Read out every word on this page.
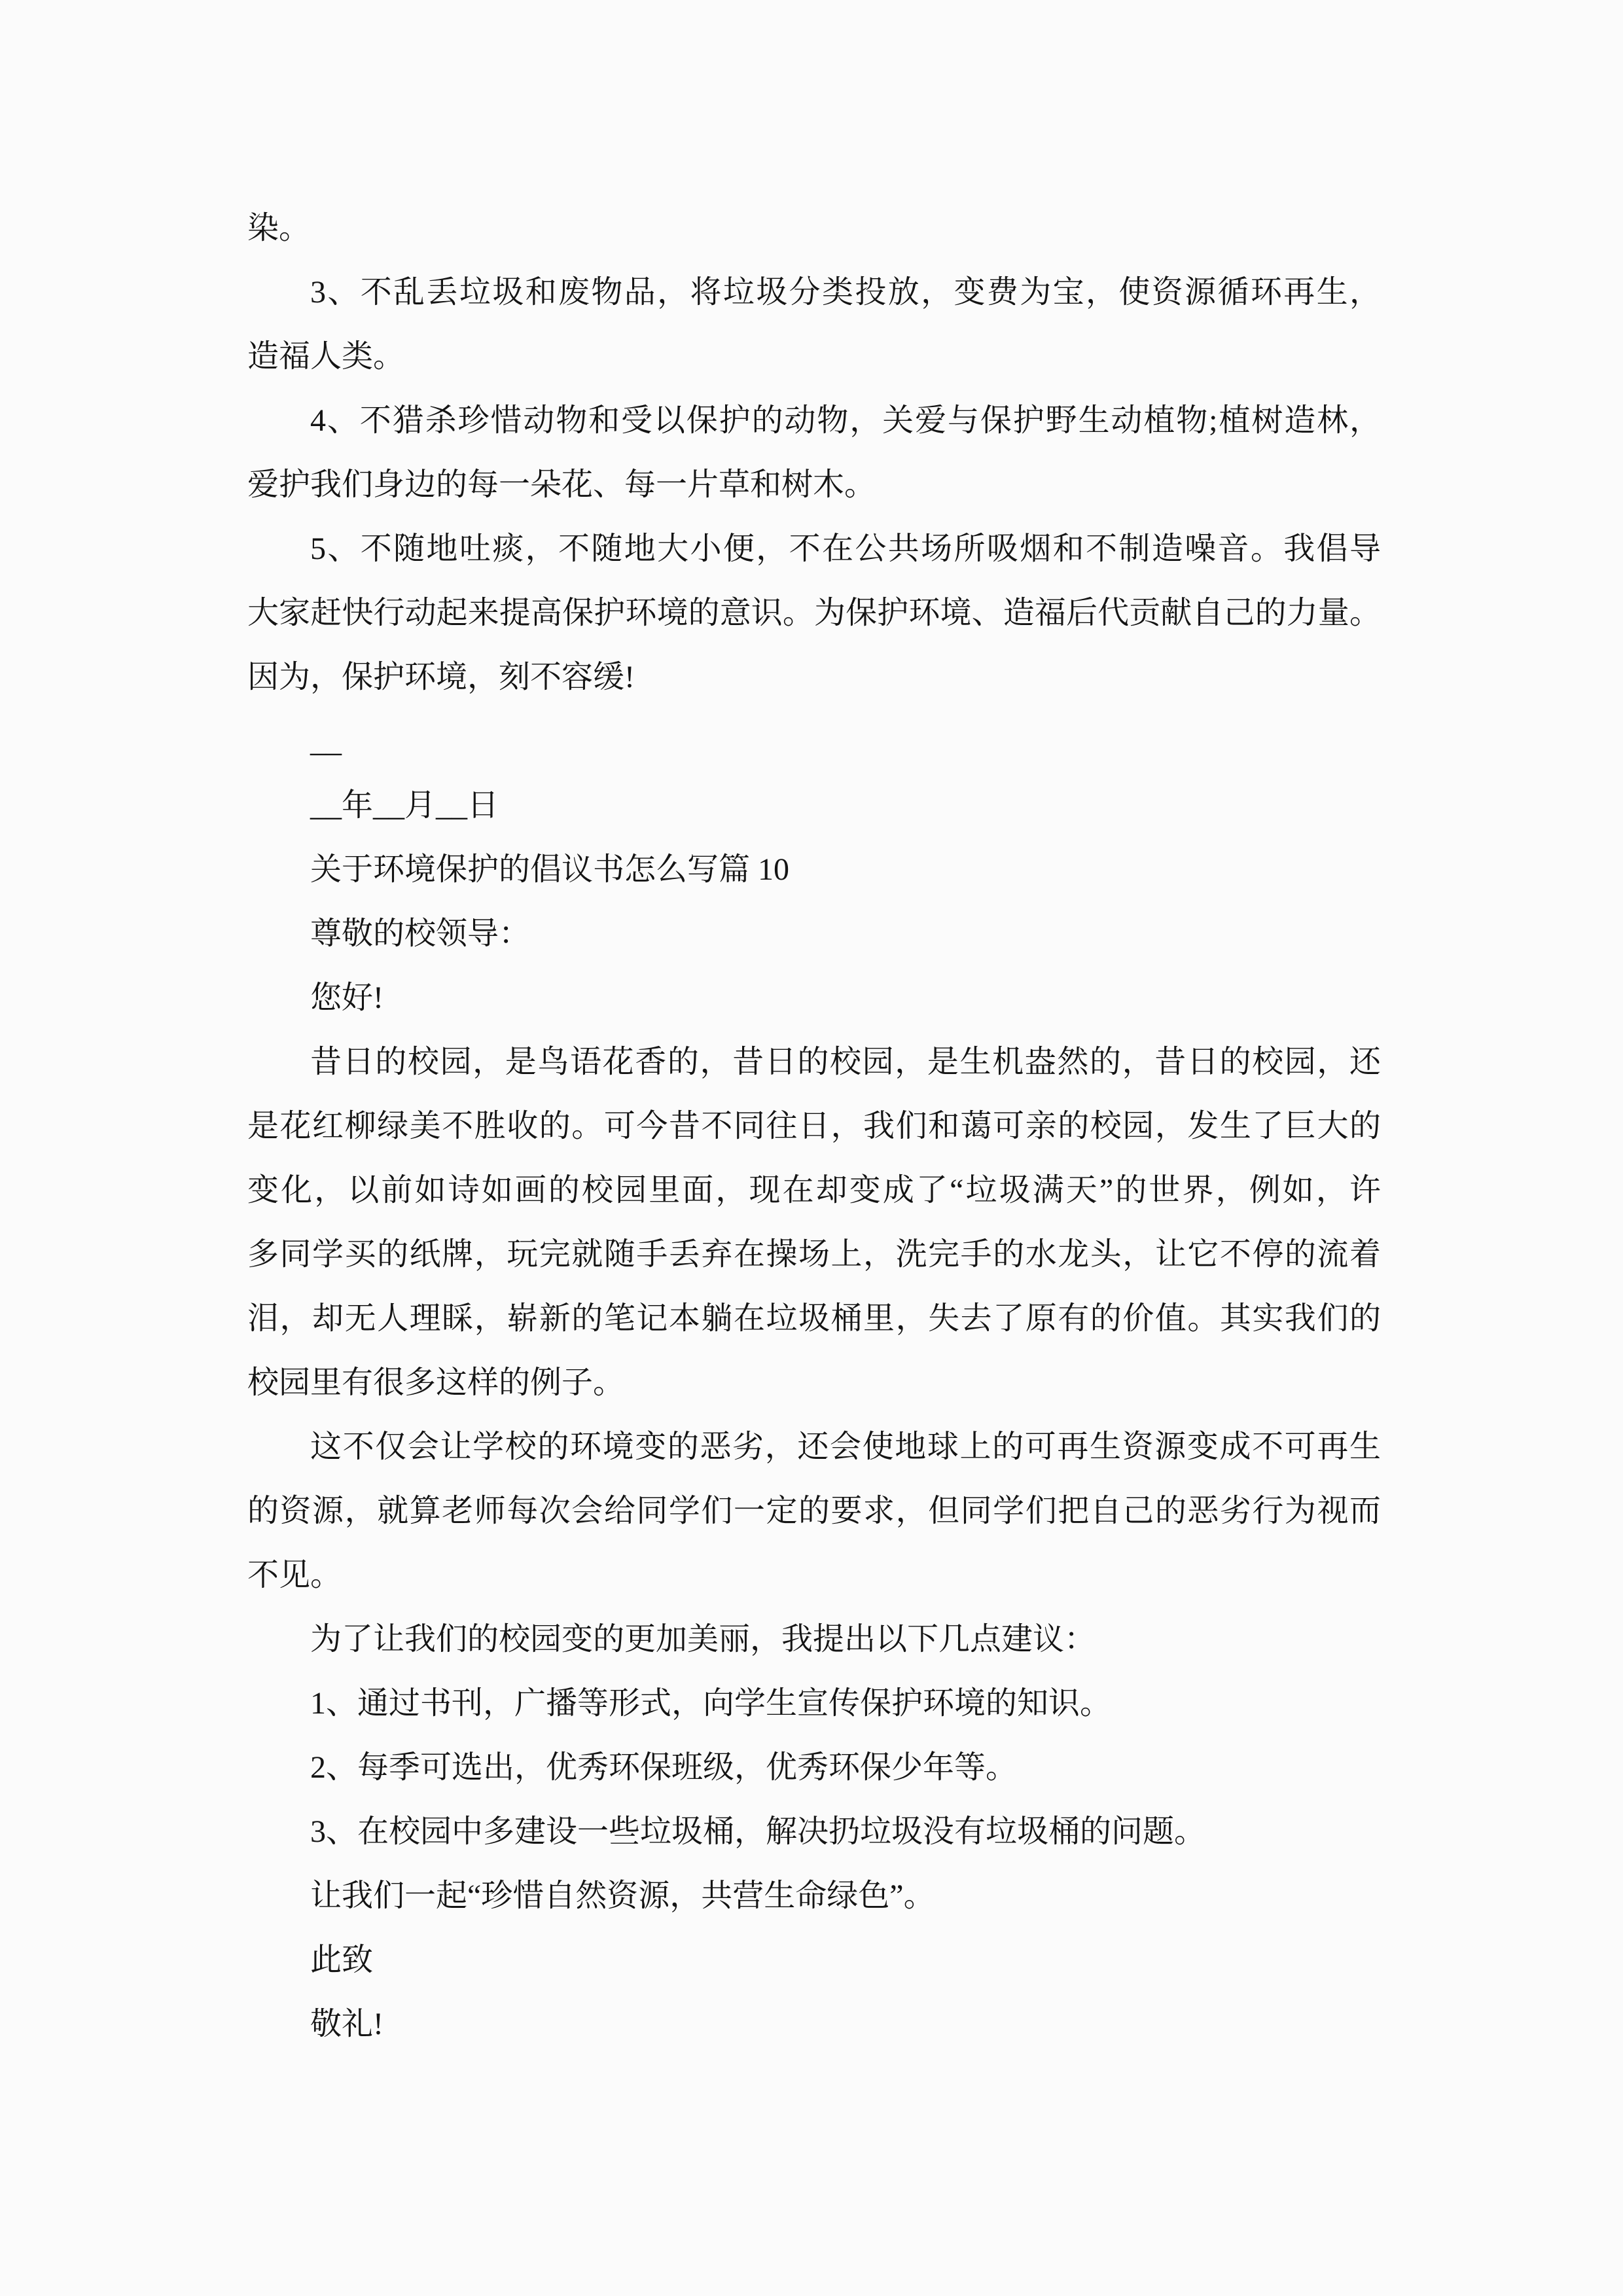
染。
3、不乱丢垃圾和废物品，将垃圾分类投放，变费为宝，使资源循环再生，
造福人类。
4、不猎杀珍惜动物和受以保护的动物，关爱与保护野生动植物;植树造林，
爱护我们身边的每一朵花、每一片草和树木。
5、不随地吐痰，不随地大小便，不在公共场所吸烟和不制造噪音。我倡导
大家赶快行动起来提高保护环境的意识。为保护环境、造福后代贡献自己的力量。
因为，保护环境，刻不容缓!
__
__年__月__日
关于环境保护的倡议书怎么写篇 10
尊敬的校领导：
您好!
昔日的校园，是鸟语花香的，昔日的校园，是生机盎然的，昔日的校园，还
是花红柳绿美不胜收的。可今昔不同往日，我们和蔼可亲的校园，发生了巨大的
变化，以前如诗如画的校园里面，现在却变成了“垃圾满天”的世界，例如，许
多同学买的纸牌，玩完就随手丢弃在操场上，洗完手的水龙头，让它不停的流着
泪，却无人理睬，崭新的笔记本躺在垃圾桶里，失去了原有的价值。其实我们的
校园里有很多这样的例子。
这不仅会让学校的环境变的恶劣，还会使地球上的可再生资源变成不可再生
的资源，就算老师每次会给同学们一定的要求，但同学们把自己的恶劣行为视而
不见。
为了让我们的校园变的更加美丽，我提出以下几点建议：
1、通过书刊，广播等形式，向学生宣传保护环境的知识。
2、每季可选出，优秀环保班级，优秀环保少年等。
3、在校园中多建设一些垃圾桶，解决扔垃圾没有垃圾桶的问题。
让我们一起“珍惜自然资源，共营生命绿色”。
此致
敬礼!
